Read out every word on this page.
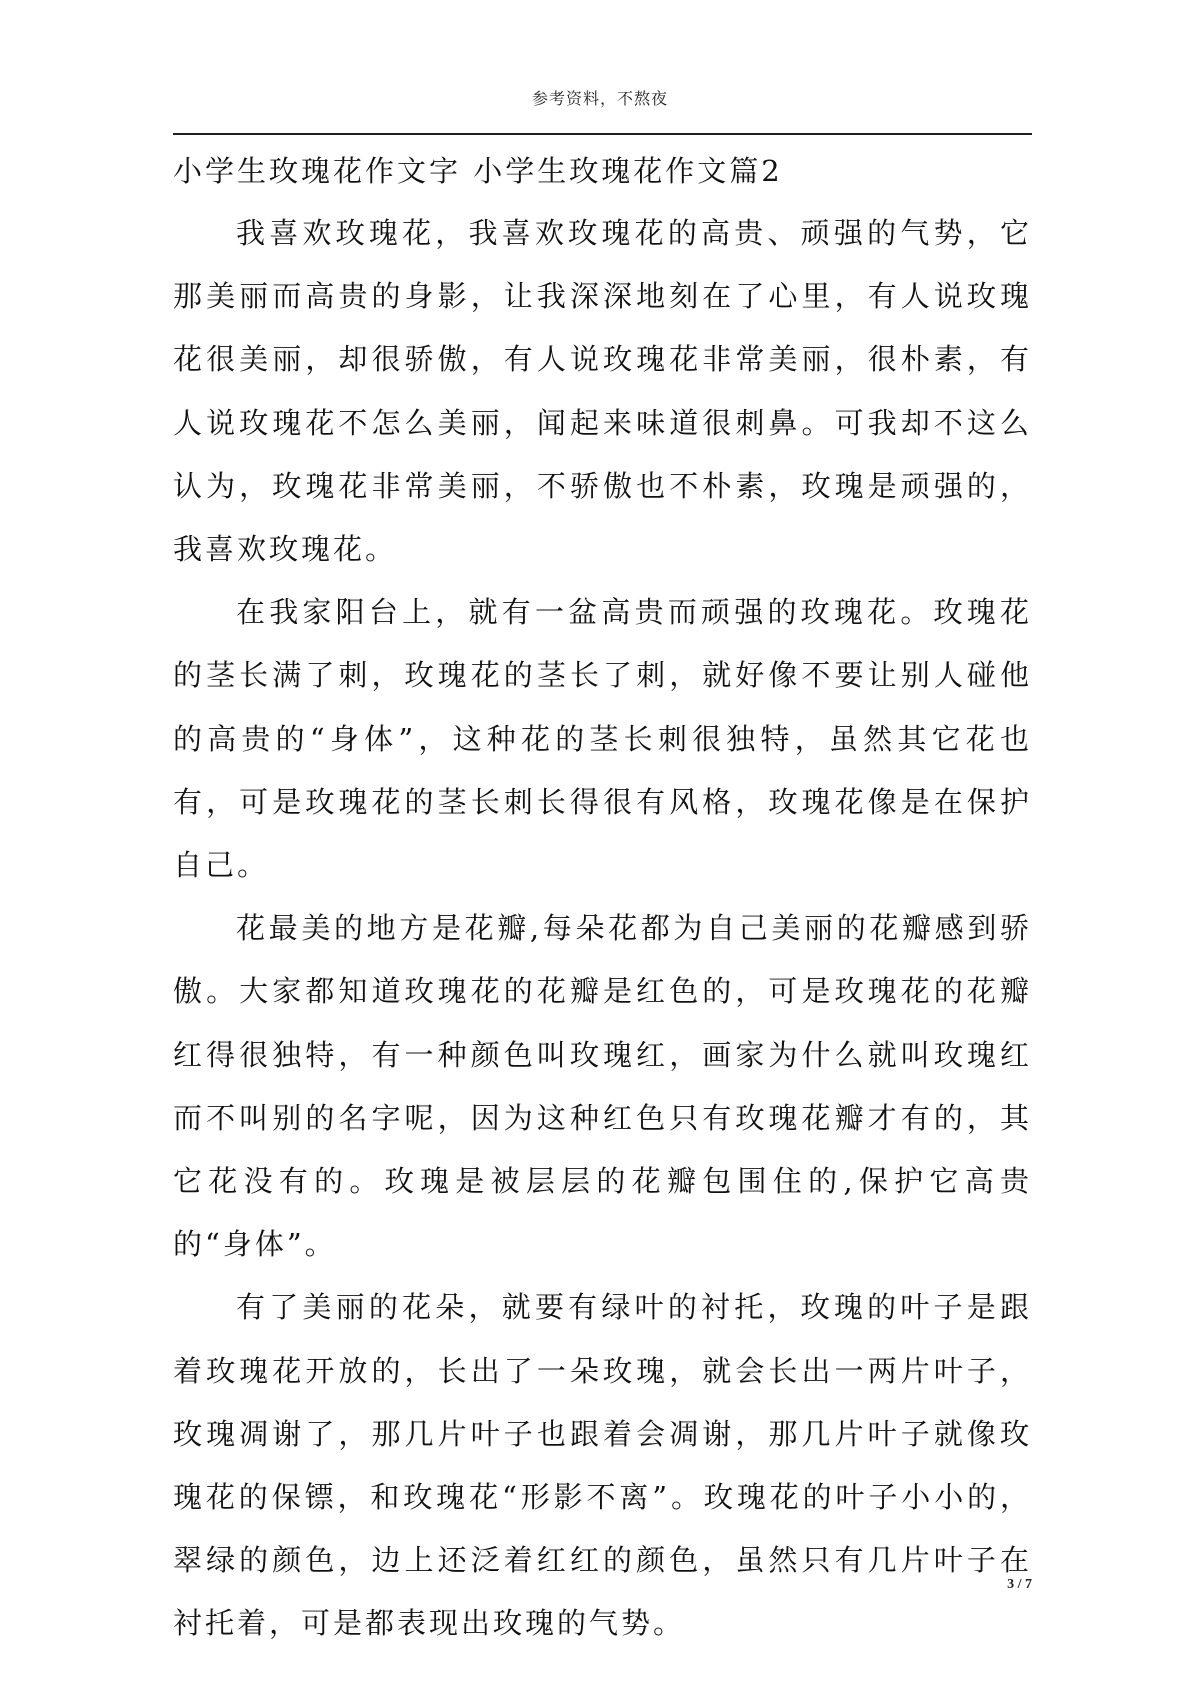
参考资料，不熬夜
小学生玫瑰花作文字 小学生玫瑰花作文篇2

我喜欢玫瑰花，我喜欢玫瑰花的高贵、顽强的气势，它那美丽而高贵的身影，让我深深地刻在了心里，有人说玫瑰花很美丽，却很骄傲，有人说玫瑰花非常美丽，很朴素，有人说玫瑰花不怎么美丽，闻起来味道很刺鼻。可我却不这么认为，玫瑰花非常美丽，不骄傲也不朴素，玫瑰是顽强的，我喜欢玫瑰花。

在我家阳台上，就有一盆高贵而顽强的玫瑰花。玫瑰花的茎长满了刺，玫瑰花的茎长了刺，就好像不要让别人碰他的高贵的“身体”，这种花的茎长刺很独特，虽然其它花也有，可是玫瑰花的茎长刺长得很有风格，玫瑰花像是在保护自己。

花最美的地方是花瓣,每朵花都为自己美丽的花瓣感到骄傲。大家都知道玫瑰花的花瓣是红色的，可是玫瑰花的花瓣红得很独特，有一种颜色叫玫瑰红，画家为什么就叫玫瑰红而不叫别的名字呢，因为这种红色只有玫瑰花瓣才有的，其它花没有的。玫瑰是被层层的花瓣包围住的,保护它高贵的“身体”。

有了美丽的花朵，就要有绿叶的衬托，玫瑰的叶子是跟着玫瑰花开放的，长出了一朵玫瑰，就会长出一两片叶子，玫瑰凋谢了，那几片叶子也跟着会凋谢，那几片叶子就像玫瑰花的保镖，和玫瑰花“形影不离”。玫瑰花的叶子小小的，翠绿的颜色，边上还泛着红红的颜色，虽然只有几片叶子在衬托着，可是都表现出玫瑰的气势。

3 / 7
